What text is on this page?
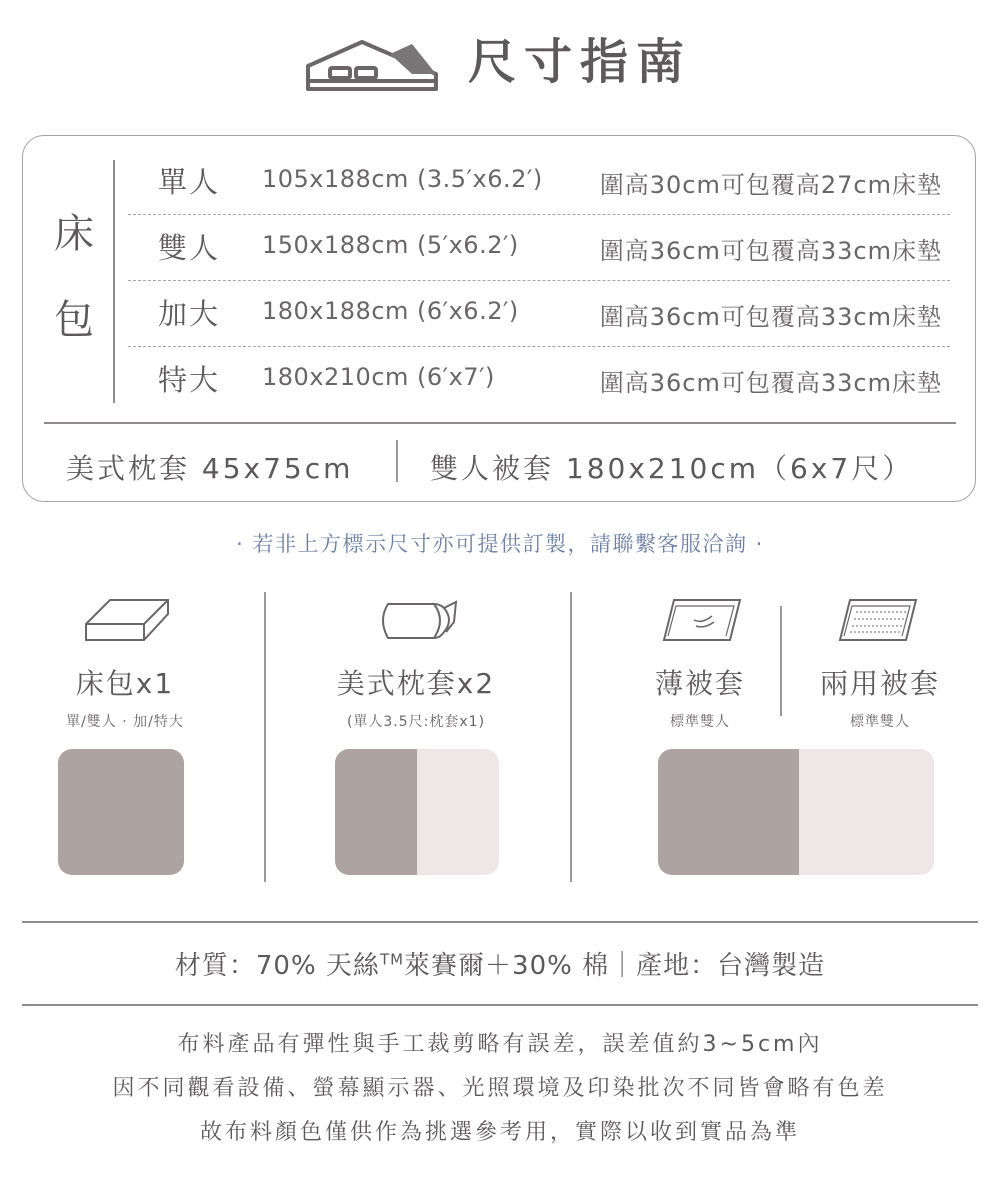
尺寸指南
床
包
單人 105x188cm (3.5′x6.2′) 圍高30cm可包覆高27cm床墊
雙人 150x188cm (5′x6.2′)	圍高36cm可包覆高33cm床墊
加大 180x188cm (6′x6.2′)	圍高36cm可包覆高33cm床墊
特大 180x210cm (6′x7′)	圍高36cm可包覆高33cm床墊
美式枕套 45x75cm	雙人被套 180x210cm（6x7尺）
· 若非上方標示尺寸亦可提供訂製，請聯繫客服洽詢 ·
床包x1
單/雙人 · 加/特大
美式枕套x2
(單人3.5尺:枕套x1)
薄被套
標準雙人
兩用被套
標準雙人
材質：70% 天絲™萊賽爾＋30% 棉｜產地：台灣製造
布料產品有彈性與手工裁剪略有誤差，誤差值約3~5cm內
因不同觀看設備、螢幕顯示器、光照環境及印染批次不同皆會略有色差
故布料顏色僅供作為挑選參考用，實際以收到實品為準
